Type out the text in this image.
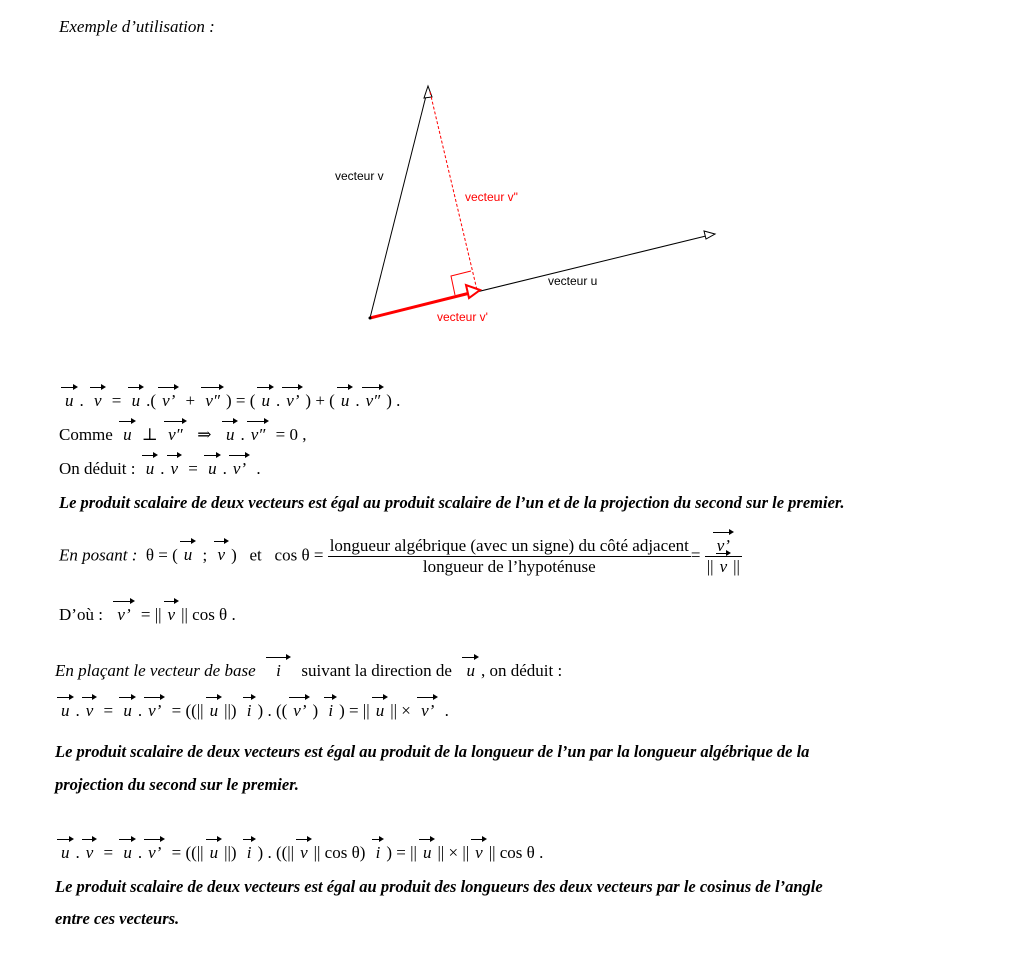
Exemple d’utilisation :
vecteur v
vecteur v"
vecteur u
vecteur v'
u . v = u .( v’ + v″ ) = ( u . v’ ) + ( u . v″ ) .
Comme u ⊥ v″ ⇒ u . v″ = 0 ,
On déduit : u . v = u . v’ .
Le produit scalaire de deux vecteurs est égal au produit scalaire de l’un et de la projection du second sur le premier.
En posant : θ = ( u ; v ) et $\cos \theta = \frac{\text{longueur algébrique (avec un signe) du côté adjacent}}{\text{longueur de l’hypoténuse}} = \frac{v’}{|| v ||}$
D’où : v’ = || v || cos θ .
En plaçant le vecteur de base i suivant la direction de u , on déduit :
u . v = u . v’ = ((|| u ||) i ) . (( v’ ) i ) = || u || × v’ .
Le produit scalaire de deux vecteurs est égal au produit de la longueur de l’un par la longueur algébrique de la
projection du second sur le premier.
u . v = u . v’ = ((|| u ||) i ) . ((|| v || cos θ) i ) = || u || × || v || cos θ .
Le produit scalaire de deux vecteurs est égal au produit des longueurs des deux vecteurs par le cosinus de l’angle
entre ces vecteurs.
